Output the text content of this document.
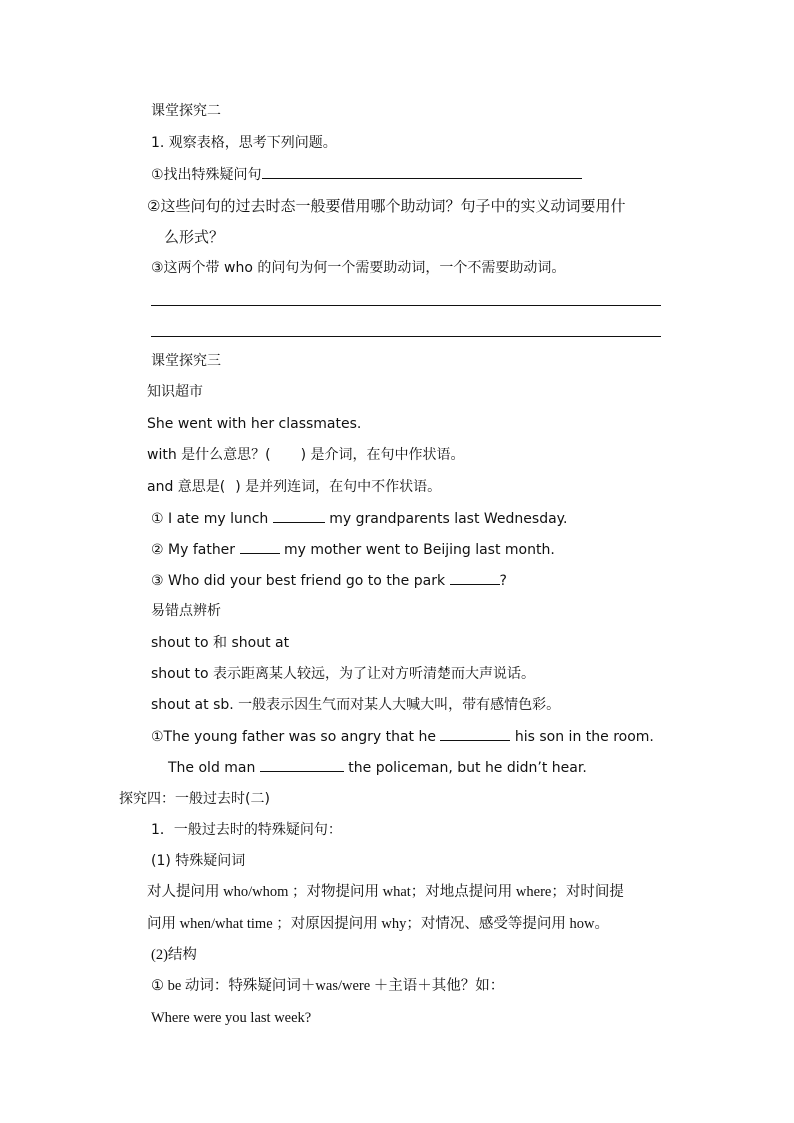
课堂探究二
1. 观察表格，思考下列问题。
①找出特殊疑问句
②这些问句的过去时态一般要借用哪个助动词？句子中的实义动词要用什
么形式？
③这两个带 who 的问句为何一个需要助动词，一个不需要助动词。
课堂探究三
知识超市
She went with her classmates.
with 是什么意思？( ) 是介词，在句中作状语。
and 意思是( ) 是并列连词，在句中不作状语。
① I ate my lunch	my grandparents last Wednesday.
② My father	my mother went to Beijing last month.
③ Who did your best friend go to the park	?
易错点辨析
shout to 和 shout at
shout to 表示距离某人较远，为了让对方听清楚而大声说话。
shout at sb. 一般表示因生气而对某人大喊大叫，带有感情色彩。
①The young father was so angry that he	his son in the room.
The old man	the policeman, but he didn’t hear.
探究四：一般过去时(二)
1．一般过去时的特殊疑问句：
(1) 特殊疑问词
对人提问用 who/whom ；对物提问用 what；对地点提问用 where；对时间提
问用 when/what time ；对原因提问用 why；对情况、感受等提问用 how。
(2)结构
① be 动词：特殊疑问词＋was/were ＋主语＋其他？如：
Where were you last week?
